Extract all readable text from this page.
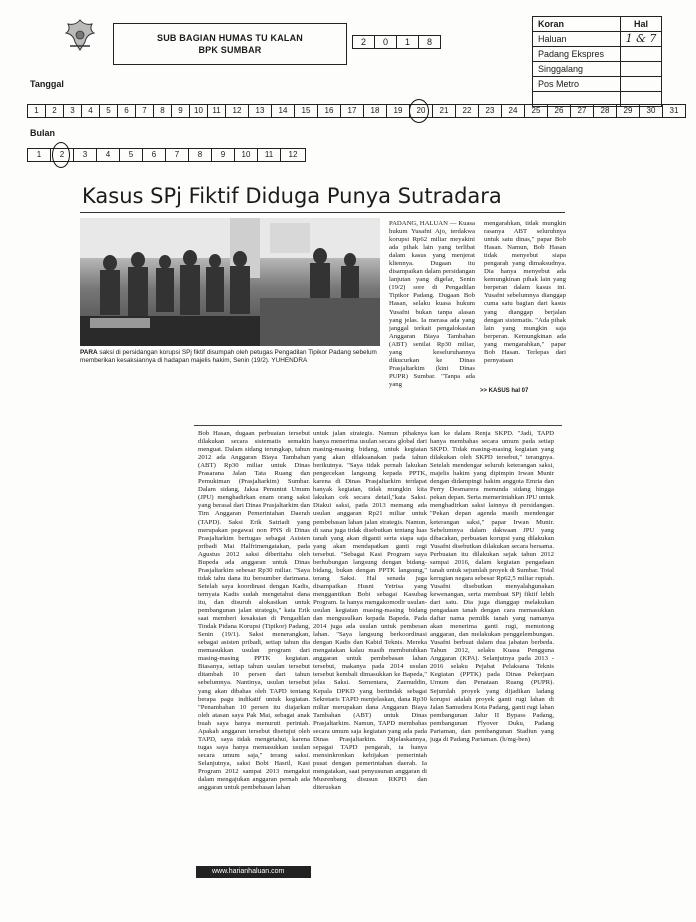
SUB BAGIAN HUMAS TU KALAN
BPK SUMBAR
2	0	1	8
Koran	Hal
Haluan	1 & 7
Padang Ekspres
Singgalang
Pos Metro
Tanggal
1	2	3	4	5	6	7	8	9	10	11	12	13	14	15	16	17	18	19	20	21	22	23	24	25	26	27	28	29	30	31
Bulan
1	2	3	4	5	6	7	8	9	10	11	12
Kasus SPj Fiktif Diduga Punya Sutradara
PARA saksi di persidangan korupsi SPj fiktif disumpah oleh petugas Pengadilan Tipikor Padang sebelum memberikan kesaksiannya di hadapan majelis hakim, Senin (19/2). YUHENDRA
PADANG, HALUAN — Kuasa hukum Yusafni Ajo, terdakwa korupsi Rp62 miliar meyakini ada pihak lain yang terlibat dalam kasus yang menjerat kliennya. Dugaan itu disampaikan dalam persidangan lanjutan yang digelar, Senin (19/2) sore di Pengadilan Tipikor Padang. Dugaan Bob Hasan, selaku kuasa hukum Yusafni bukan tanpa alasan yang jelas. Ia merasa ada yang janggal terkait pengalokasian Anggaran Biaya Tambahan (ABT) senilai Rp30 miliar, yang keseluruhannya dikucurkan ke Dinas Prasjaltarkim (kini Dinas PUPR) Sumbar. "Tanpa ada yang
mengarahkan, tidak mungkin rasanya ABT seluruhnya untuk satu dinas," papar Bob Hasan. Namun, Bob Hasan tidak menyebut siapa pengarah yang dimaksudnya. Dia hanya menyebut ada kemungkinan pihak lain yang berperan dalam kasus ini. Yusafni sebelumnya dianggap cuma satu bagian dari kasus yang dianggap berjalan dengan sistematis. "Ada pihak lain yang mungkin saja berperan. Kemungkinan ada yang mengarahkan," papar Bob Hasan. Terlepas dari pernyataan
>> KASUS hal 07
Bob Hasan, dugaan perbuatan tersebut dilakukan secara sistematis semakin menguat. Dalam sidang terungkap, tahun 2012 ada Anggaran Biaya Tambahan (ABT) Rp30 miliar untuk Dinas Prasarana Jalan Tata Ruang dan Pemukiman (Prasjaltarkim) Sumbar. Dalam sidang, Jaksa Penuntut Umum (JPU) menghadirkan enam orang saksi yang berasal dari Dinas Prasjaltarkim dan Tim Anggaran Pemerintahan Daerah (TAPD). Saksi Erik Satriadi yang merupakan pegawai non PNS di Dinas Prasjaltarkim bertugas sebagai Asisten pribadi Mai Halfrimengatakan, pada Agustus 2012 saksi diberitahu oleh Bupeda ada anggaran untuk Dinas Prasjaltarkim sebesar Rp30 miliar. "Saya tidak tahu dana itu bersumber darimana. Setelah saya koordinasi dengan Kadis, ternyata Kadis sudah mengetahui dana itu, dan disuruh alokasikan untuk pembangunan jalan strategis," kata Erik saat memberi kesaksian di Pengadilan Tindak Pidana Korupsi (Tipikor) Padang, Senin (19/1). Saksi menerangkan, sebagai asisten pribadi, setiap tahun dia memasukkan usulan program dari masing-masing PPTK kegiatan. Biasanya, setiap tahun usulan tersebut ditambah 10 persen dari tahun sebelumnya. Nantinya, usulan tersebut yang akan dibahas oleh TAPD tentang berapa pagu indikatif untuk kegiatan. "Penambahan 10 persen itu diajarkan oleh atasan saya Pak Mai, sebagai anak buah saya hanya menuruti perintah. Apakah anggaran tersebut disetujui oleh TAPD, saya tidak mengetahui, karena tugas saya hanya memasukkan usulan secara umum saja," terang saksi. Selanjutnya, saksi Bobi Hasril, Kasi Program 2012 sampai 2013 mengakui dalam mengajukan anggaran pernah ada anggaran untuk pembebasan lahan
untuk jalan strategis. Namun pihaknya hanya menerima usulan secara global dari masing-masing bidang, untuk kegiatan yang akan dilaksanakan pada tahun berikutnya. "Saya tidak pernah lakukan pengecekan langsung kepada PPTK, karena di Dinas Prasjaltarkim terdapat banyak kegiatan, tidak mungkin kita lakukan cek secara detail,"kata Saksi. Diakui saksi, pada 2013 memang ada usulan anggaran Rp21 miliar untuk pembebasan lahan jalan strategis. Namun, di sana juga tidak disebutkan tentang luas tanah yang akan diganti serta siapa saja yang akan mendapatkan ganti rugi tersebut. "Sebagai Kasi Program saya berhubungan langsung dengan bidang-bidang, bukan dengan PPTK langsung," terang Saksi. Hal senada juga disampaikan Husni Yetrisa yang menggantikan Bobi sebagai Kasubag Program. Ia hanya mengakomodir usulan-usulan kegiatan masing-masing bidang dan mengusulkan kepada Bapeda. Pada 2014 juga ada usulan untuk pembesan lahan. "Saya langsung berkoordinasi dengan Kadis dan Kabid Teknis. Mereka mengatakan kalau masih membutuhkan anggaran untuk pembebasan lahan tersebut, makanya pada 2014 usulan tersebut kembali dimasukkan ke Bapeda," jelas Saksi. Sementara, Zaenuddin, Kepala DPKD yang bertindak sebagai Sekretaris TAPD menjelaskan, dana Rp30 miliar merupakan dana Anggaran Biaya Tambahan (ABT) untuk Dinas Prasjaltarkim. Namun, TAPD membahas secara umum saja kegiatan yang ada pada Dinas Prasjaltarkim. Dijelaskannya, sepagai TAPD pengarah, ia hanya mensinkronkan kebijakan pemerintah pusat dengan pemerintahan daerah. Ia mengatakan, saat penyusunan anggaran di Musrenbang disusun RKPD dan diteruskan
kan ke dalam Renja SKPD. "Jadi, TAPD hanya membahas secara umum pada setiap SKPD. Tidak masing-masing kegiatan yang dilakukan oleh SKPD tersebut," terangnya. Setelah mendengar seluruh keterangan saksi, majelis hakim yang dipimpin Irwan Munir dengan didampingi hakim anggota Emria dan Perry Desmarera menunda sidang hingga pekan depan. Serta memerintahkan JPU untuk menghadirkan saksi lainnya di persidangan. "Pekan depan agenda masih mendengar keterangan saksi," papar Irwan Munir. Sebelumnya dalam dakwaan JPU yang dibacakan, perbuatan korupsi yang dilakukan Yusafni disebutkan dilakukan secara bersama. Perbuatan itu dilakukan sejak tahun 2012 sampai 2016, dalam kegiatan pengadaan tanah untuk sejumlah proyek di Sumbar. Total kerugian negara sebesar Rp62,5 miliar rupiah. Yusafni disebutkan menyalahgunakan kewenangan, serta membuat SPj fiktif lebih dari satu. Dia juga dianggap melakukan pengadaan tanah dengan cara memasukkan daftar nama pemilik tanah yang namanya akan menerima ganti rugi, memotong anggaran, dan melakukan penggelembungan. Yusafni berbuat dalam dua jabatan berbeda. Tahun 2012, selaku Kuasa Pengguna Anggaran (KPA). Selanjutnya pada 2013 - 2016 selaku Pejabat Pelaksana Teknis Kegiatan (PPTK) pada Dinas Pekerjaan Umum dan Penataan Ruang (PUPR). Sejumlah proyek yang dijadikan ladang korupsi adalah proyek ganti rugi lahan di Jalan Samudera Kota Padang, ganti rugi lahan pembangunan Jalur II Bypass Padang, pembangunan Flyover Duku, Padang Pariaman, dan pembangunan Stadiun yang juga di Padang Pariaman. (h/mg-ben)
www.harianhaluan.com
